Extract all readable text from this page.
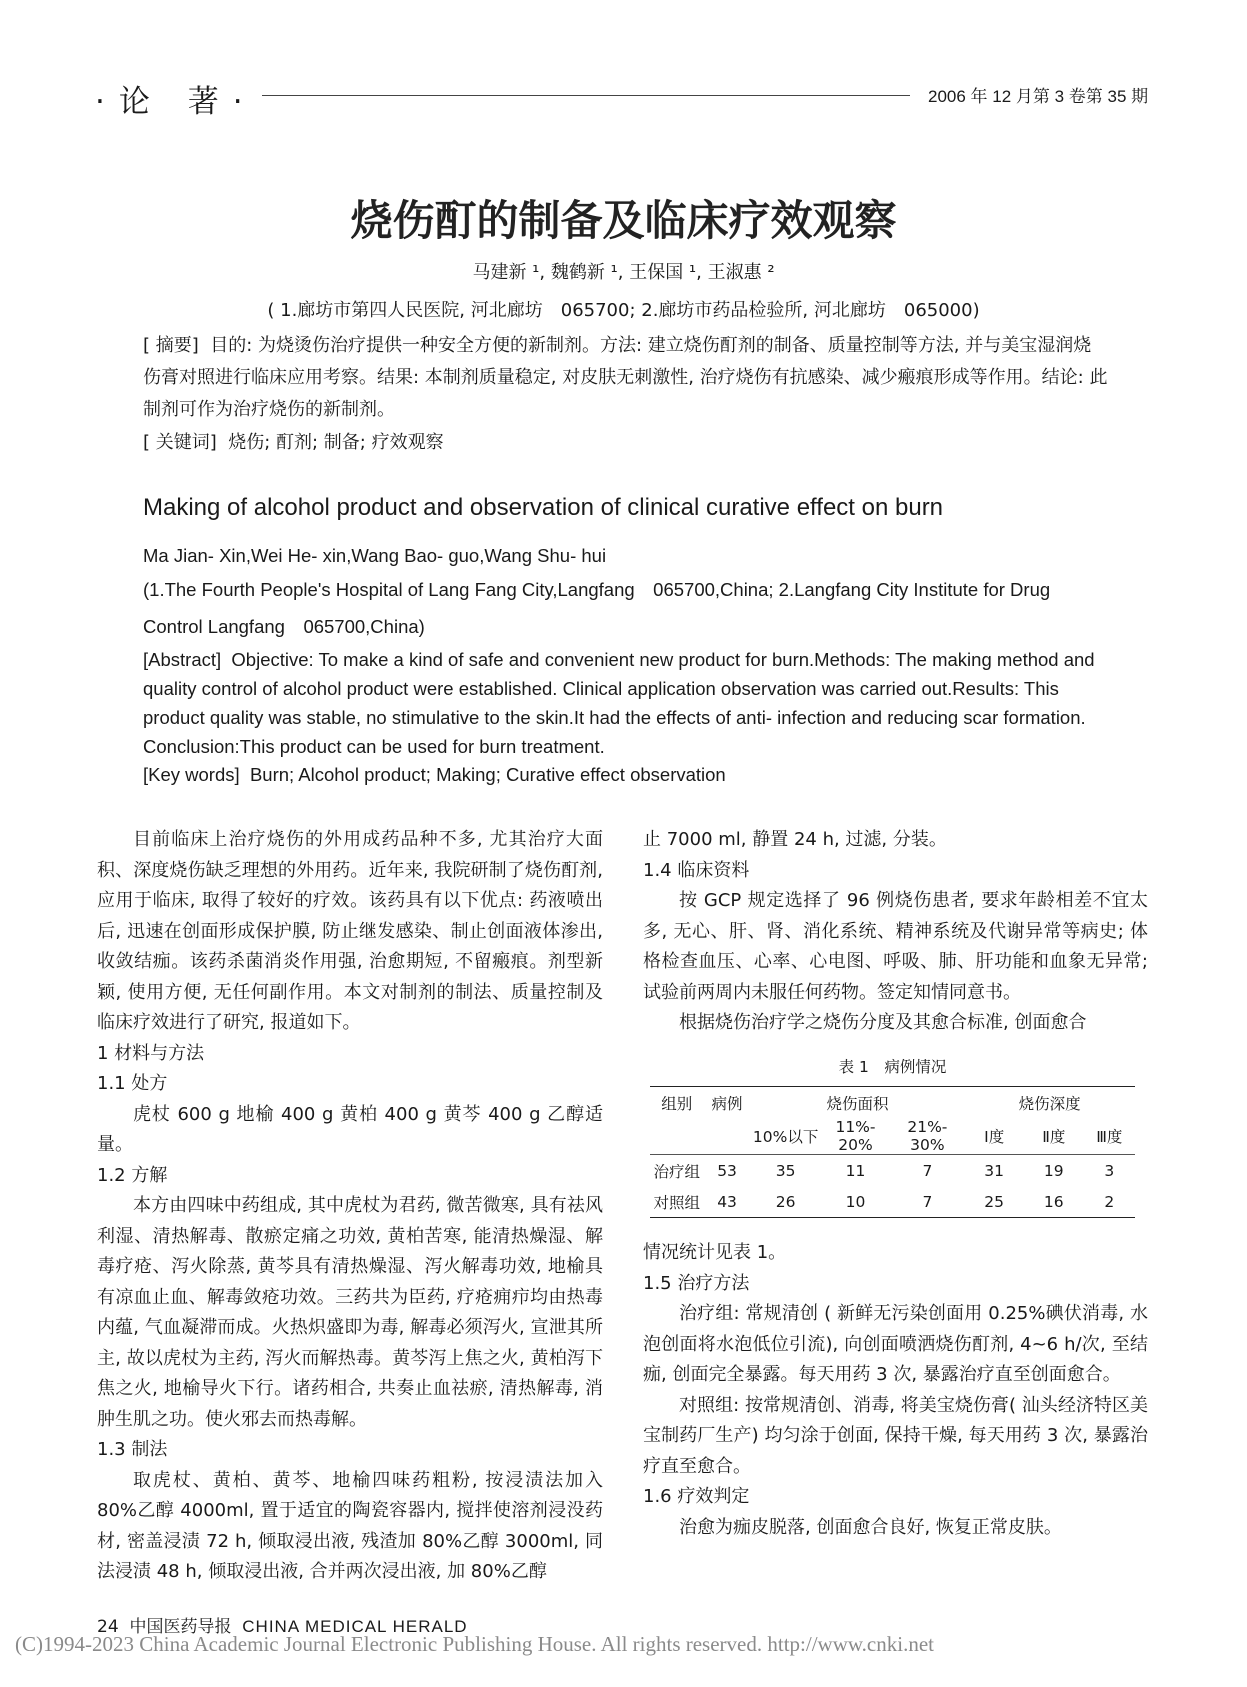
·论 著·	2006 年 12 月第 3 卷第 35 期
烧伤酊的制备及临床疗效观察
马建新 ¹, 魏鹤新 ¹, 王保国 ¹, 王淑惠 ²
( 1.廊坊市第四人民医院, 河北廊坊　065700; 2.廊坊市药品检验所, 河北廊坊　065000)
[ 摘要] 目的: 为烧烫伤治疗提供一种安全方便的新制剂。方法: 建立烧伤酊剂的制备、质量控制等方法, 并与美宝湿润烧伤膏对照进行临床应用考察。结果: 本制剂质量稳定, 对皮肤无刺激性, 治疗烧伤有抗感染、减少瘢痕形成等作用。结论: 此制剂可作为治疗烧伤的新制剂。
[ 关键词] 烧伤; 酊剂; 制备; 疗效观察
Making of alcohol product and observation of clinical curative effect on burn
Ma Jian- Xin,Wei He- xin,Wang Bao- guo,Wang Shu- hui
(1.The Fourth People's Hospital of Lang Fang City,Langfang　065700,China; 2.Langfang City Institute for Drug Control Langfang　065700,China)
[Abstract] Objective: To make a kind of safe and convenient new product for burn.Methods: The making method and quality control of alcohol product were established. Clinical application observation was carried out.Results: This product quality was stable, no stimulative to the skin.It had the effects of anti- infection and reducing scar formation. Conclusion:This product can be used for burn treatment.
[Key words] Burn; Alcohol product; Making; Curative effect observation

目前临床上治疗烧伤的外用成药品种不多, 尤其治疗大面积、深度烧伤缺乏理想的外用药。近年来, 我院研制了烧伤酊剂, 应用于临床, 取得了较好的疗效。该药具有以下优点: 药液喷出后, 迅速在创面形成保护膜, 防止继发感染、制止创面液体渗出, 收敛结痂。该药杀菌消炎作用强, 治愈期短, 不留瘢痕。剂型新颖, 使用方便, 无任何副作用。本文对制剂的制法、质量控制及临床疗效进行了研究, 报道如下。

1 材料与方法

1.1 处方

虎杖 600 g 地榆 400 g 黄柏 400 g 黄芩 400 g 乙醇适量。

1.2 方解

本方由四味中药组成, 其中虎杖为君药, 微苦微寒, 具有祛风利湿、清热解毒、散瘀定痛之功效, 黄柏苦寒, 能清热燥湿、解毒疗疮、泻火除蒸, 黄芩具有清热燥湿、泻火解毒功效, 地榆具有凉血止血、解毒敛疮功效。三药共为臣药, 疗疮痈疖均由热毒内蕴, 气血凝滞而成。火热炽盛即为毒, 解毒必须泻火, 宣泄其所主, 故以虎杖为主药, 泻火而解热毒。黄芩泻上焦之火, 黄柏泻下焦之火, 地榆导火下行。诸药相合, 共奏止血祛瘀, 清热解毒, 消肿生肌之功。使火邪去而热毒解。

1.3 制法

取虎杖、黄柏、黄芩、地榆四味药粗粉, 按浸渍法加入 80%乙醇 4000ml, 置于适宜的陶瓷容器内, 搅拌使溶剂浸没药材, 密盖浸渍 72 h, 倾取浸出液, 残渣加 80%乙醇 3000ml, 同法浸渍 48 h, 倾取浸出液, 合并两次浸出液, 加 80%乙醇

止 7000 ml, 静置 24 h, 过滤, 分装。

1.4 临床资料

按 GCP 规定选择了 96 例烧伤患者, 要求年龄相差不宜太多, 无心、肝、肾、消化系统、精神系统及代谢异常等病史; 体格检查血压、心率、心电图、呼吸、肺、肝功能和血象无异常; 试验前两周内未服任何药物。签定知情同意书。

根据烧伤治疗学之烧伤分度及其愈合标准, 创面愈合

表 1　病例情况
组别	病例	烧伤面积			烧伤深度		
		10%以下	11%- 20%	21%- 30%	Ⅰ度	Ⅱ度	Ⅲ度
治疗组	53	35	11	7	31	19	3
对照组	43	26	10	7	25	16	2

情况统计见表 1。

1.5 治疗方法

治疗组: 常规清创 ( 新鲜无污染创面用 0.25%碘伏消毒, 水泡创面将水泡低位引流), 向创面喷洒烧伤酊剂, 4~6 h/次, 至结痂, 创面完全暴露。每天用药 3 次, 暴露治疗直至创面愈合。

对照组: 按常规清创、消毒, 将美宝烧伤膏( 汕头经济特区美宝制药厂生产) 均匀涂于创面, 保持干燥, 每天用药 3 次, 暴露治疗直至愈合。

1.6 疗效判定

治愈为痂皮脱落, 创面愈合良好, 恢复正常皮肤。

24 中国医药导报 CHINA MEDICAL HERALD
(C)1994-2023 China Academic Journal Electronic Publishing House. All rights reserved. http://www.cnki.net
